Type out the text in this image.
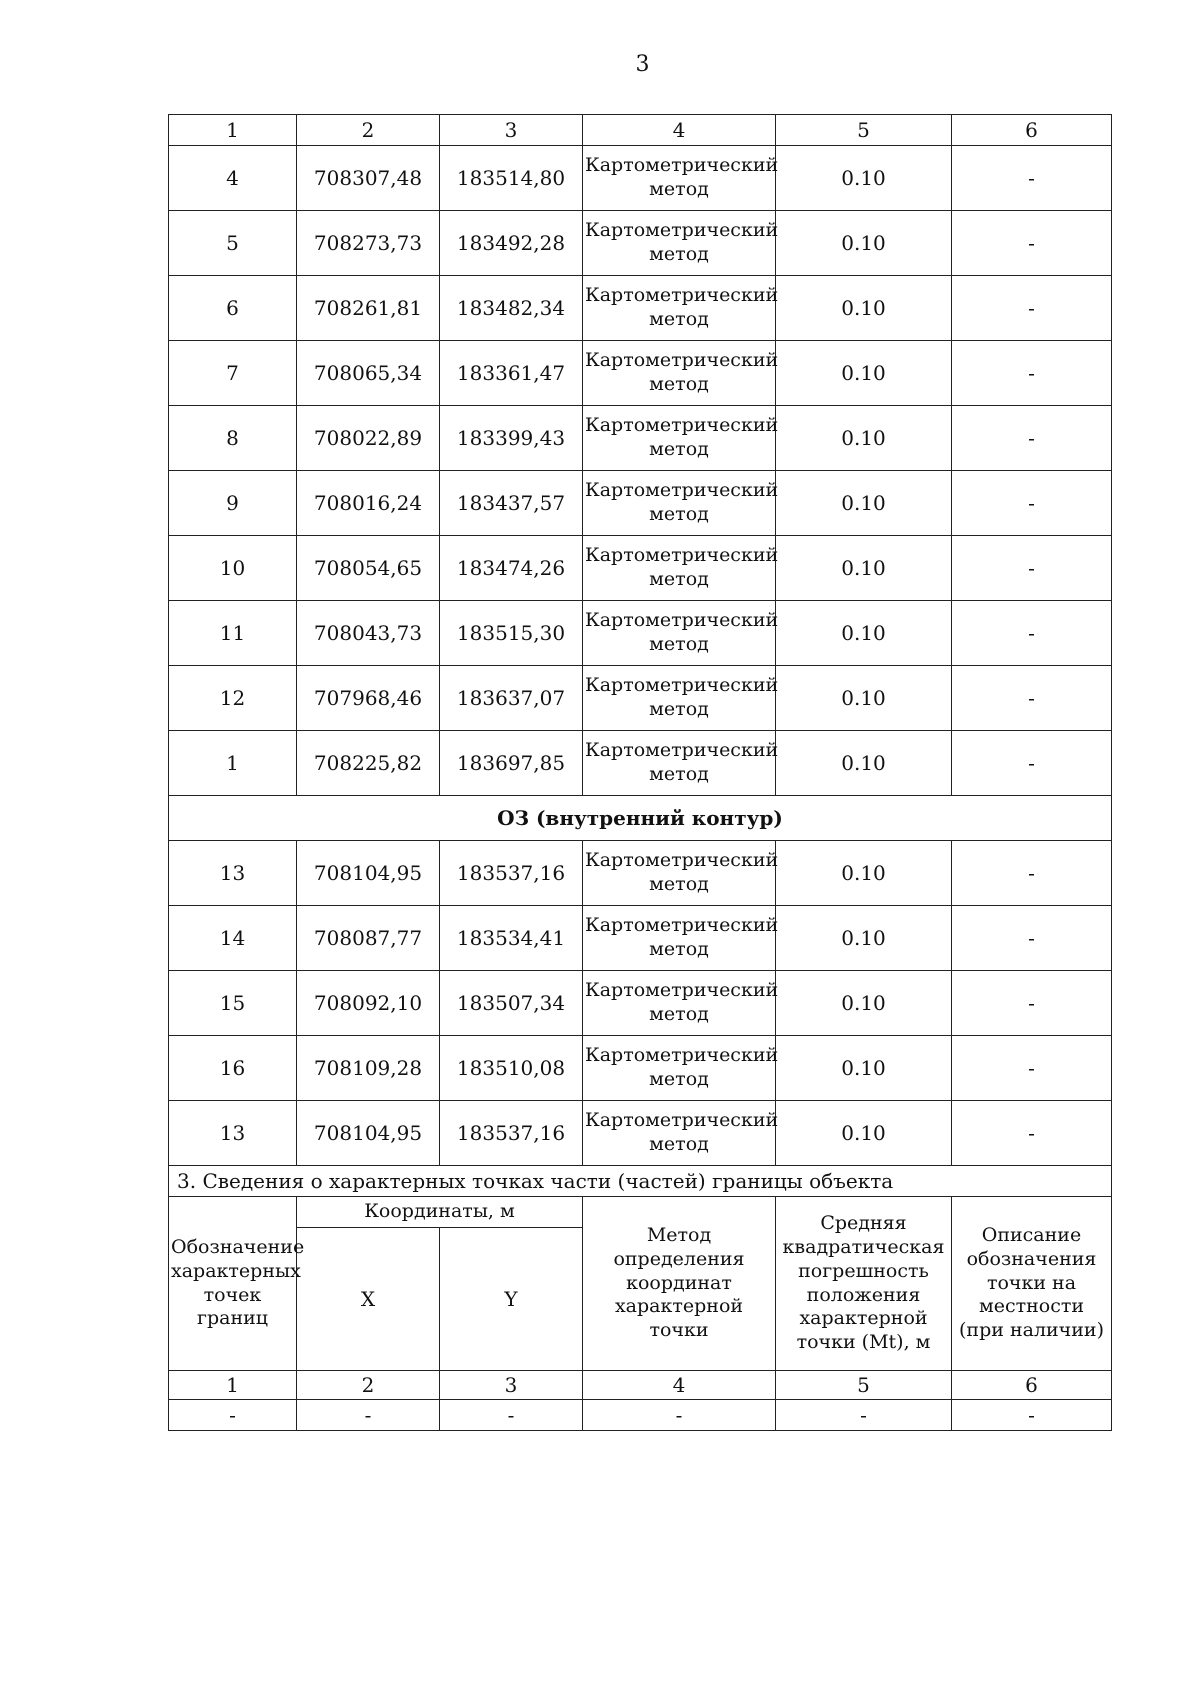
3
1	2	3	4	5	6
4	708307,48	183514,80	Картометрический метод	0.10	-
5	708273,73	183492,28	Картометрический метод	0.10	-
6	708261,81	183482,34	Картометрический метод	0.10	-
7	708065,34	183361,47	Картометрический метод	0.10	-
8	708022,89	183399,43	Картометрический метод	0.10	-
9	708016,24	183437,57	Картометрический метод	0.10	-
10	708054,65	183474,26	Картометрический метод	0.10	-
11	708043,73	183515,30	Картометрический метод	0.10	-
12	707968,46	183637,07	Картометрический метод	0.10	-
1	708225,82	183697,85	Картометрический метод	0.10	-
ОЗ (внутренний контур)					
13	708104,95	183537,16	Картометрический метод	0.10	-
14	708087,77	183534,41	Картометрический метод	0.10	-
15	708092,10	183507,34	Картометрический метод	0.10	-
16	708109,28	183510,08	Картометрический метод	0.10	-
13	708104,95	183537,16	Картометрический метод	0.10	-
3. Сведения о характерных точках части (частей) границы объекта					
Обозначение характерных точек границ	Координаты, м		Метод определения координат характерной точки	Средняя квадратическая погрешность положения характерной точки (Mt), м	Описание обозначения точки на местности (при наличии)
	X	Y			
1	2	3	4	5	6
-	-	-	-	-	-
